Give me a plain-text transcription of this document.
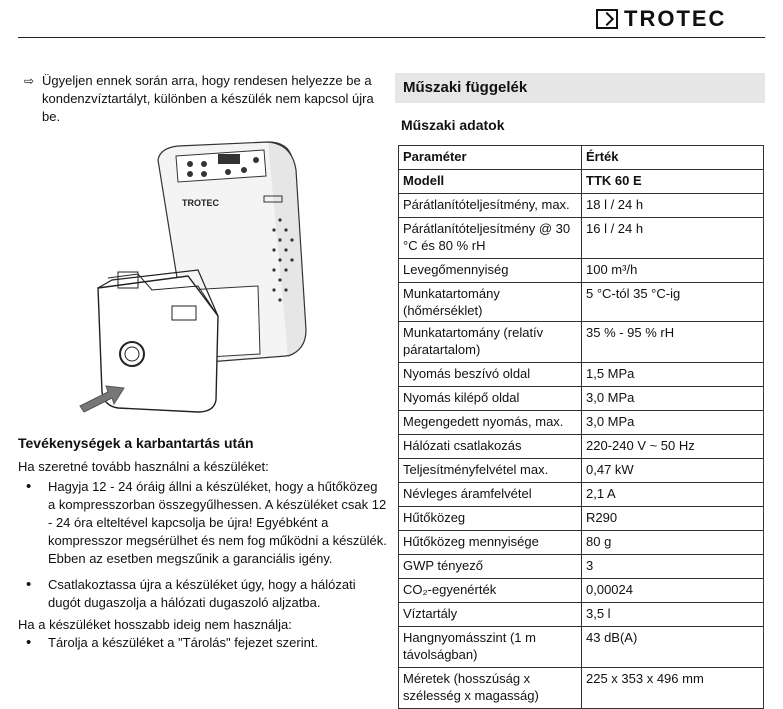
TROTEC
⇨ Ügyeljen ennek során arra, hogy rendesen helyezze be a kondenzvíztartályt, különben a készülék nem kapcsol újra be.
TROTEC
Tevékenységek a karbantartás után
Ha szeretné tovább használni a készüléket:
• Hagyja 12 - 24 óráig állni a készüléket, hogy a hűtőközeg a kompresszorban összegyűlhessen. A készüléket csak 12 - 24 óra elteltével kapcsolja be újra! Egyébként a kompresszor megsérülhet és nem fog működni a készülék. Ebben az esetben megszűnik a garanciális igény.
• Csatlakoztassa újra a készüléket úgy, hogy a hálózati dugót dugaszolja a hálózati dugaszoló aljzatba.
Ha a készüléket hosszabb ideig nem használja:
• Tárolja a készüléket a "Tárolás" fejezet szerint.
Műszaki függelék
Műszaki adatok
Paraméter	Érték
Modell	TTK 60 E
Párátlanítóteljesítmény, max.	18 l / 24 h
Párátlanítóteljesítmény @ 30 °C és 80 % rH	16 l / 24 h
Levegőmennyiség	100 m³/h
Munkatartomány (hőmérséklet)	5 °C-tól 35 °C-ig
Munkatartomány (relatív páratartalom)	35 % - 95 % rH
Nyomás beszívó oldal	1,5 MPa
Nyomás kilépő oldal	3,0 MPa
Megengedett nyomás, max.	3,0 MPa
Hálózati csatlakozás	220-240 V ~ 50 Hz
Teljesítményfelvétel max.	0,47 kW
Névleges áramfelvétel	2,1 A
Hűtőközeg	R290
Hűtőközeg mennyisége	80 g
GWP tényező	3
CO₂-egyenérték	0,00024
Víztartály	3,5 l
Hangnyomásszint (1 m távolságban)	43 dB(A)
Méretek (hosszúság x szélesség x magasság)	225 x 353 x 496 mm
